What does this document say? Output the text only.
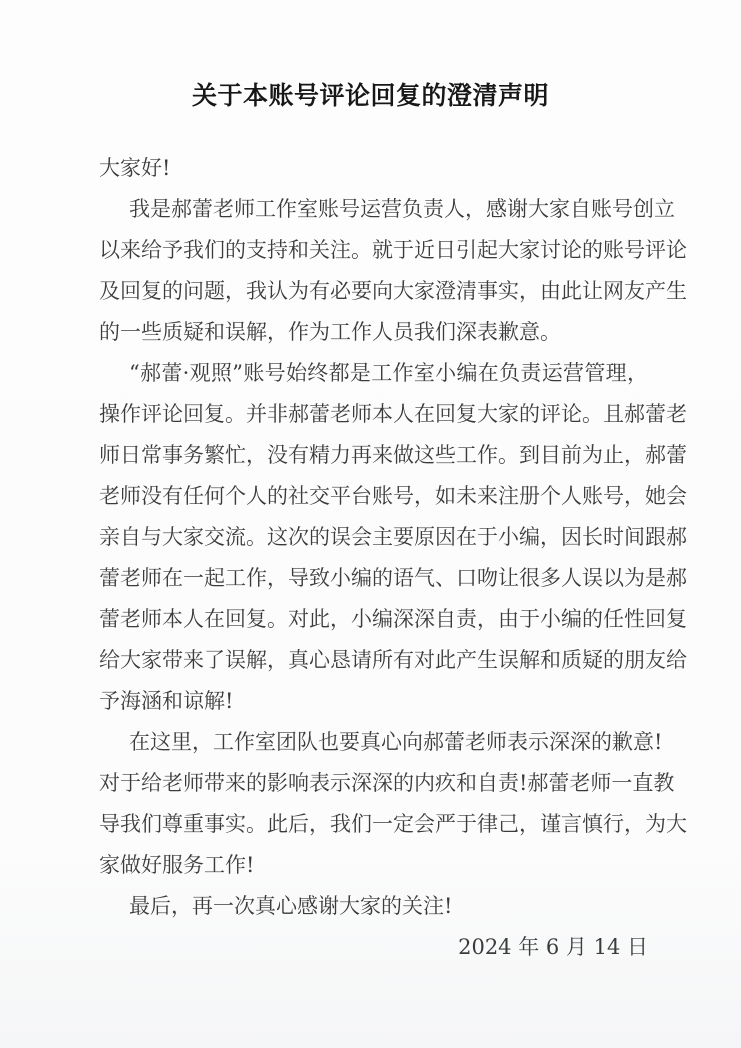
关于本账号评论回复的澄清声明
大家好!
我是郝蕾老师工作室账号运营负责人，感谢大家自账号创立
以来给予我们的支持和关注。就于近日引起大家讨论的账号评论
及回复的问题，我认为有必要向大家澄清事实，由此让网友产生
的一些质疑和误解，作为工作人员我们深表歉意。
“郝蕾·观照”账号始终都是工作室小编在负责运营管理，
操作评论回复。并非郝蕾老师本人在回复大家的评论。且郝蕾老
师日常事务繁忙，没有精力再来做这些工作。到目前为止，郝蕾
老师没有任何个人的社交平台账号，如未来注册个人账号，她会
亲自与大家交流。这次的误会主要原因在于小编，因长时间跟郝
蕾老师在一起工作，导致小编的语气、口吻让很多人误以为是郝
蕾老师本人在回复。对此，小编深深自责，由于小编的任性回复
给大家带来了误解，真心恳请所有对此产生误解和质疑的朋友给
予海涵和谅解!
在这里，工作室团队也要真心向郝蕾老师表示深深的歉意!
对于给老师带来的影响表示深深的内疚和自责!郝蕾老师一直教
导我们尊重事实。此后，我们一定会严于律己，谨言慎行，为大
家做好服务工作!
最后，再一次真心感谢大家的关注!
2024 年 6 月 14 日
